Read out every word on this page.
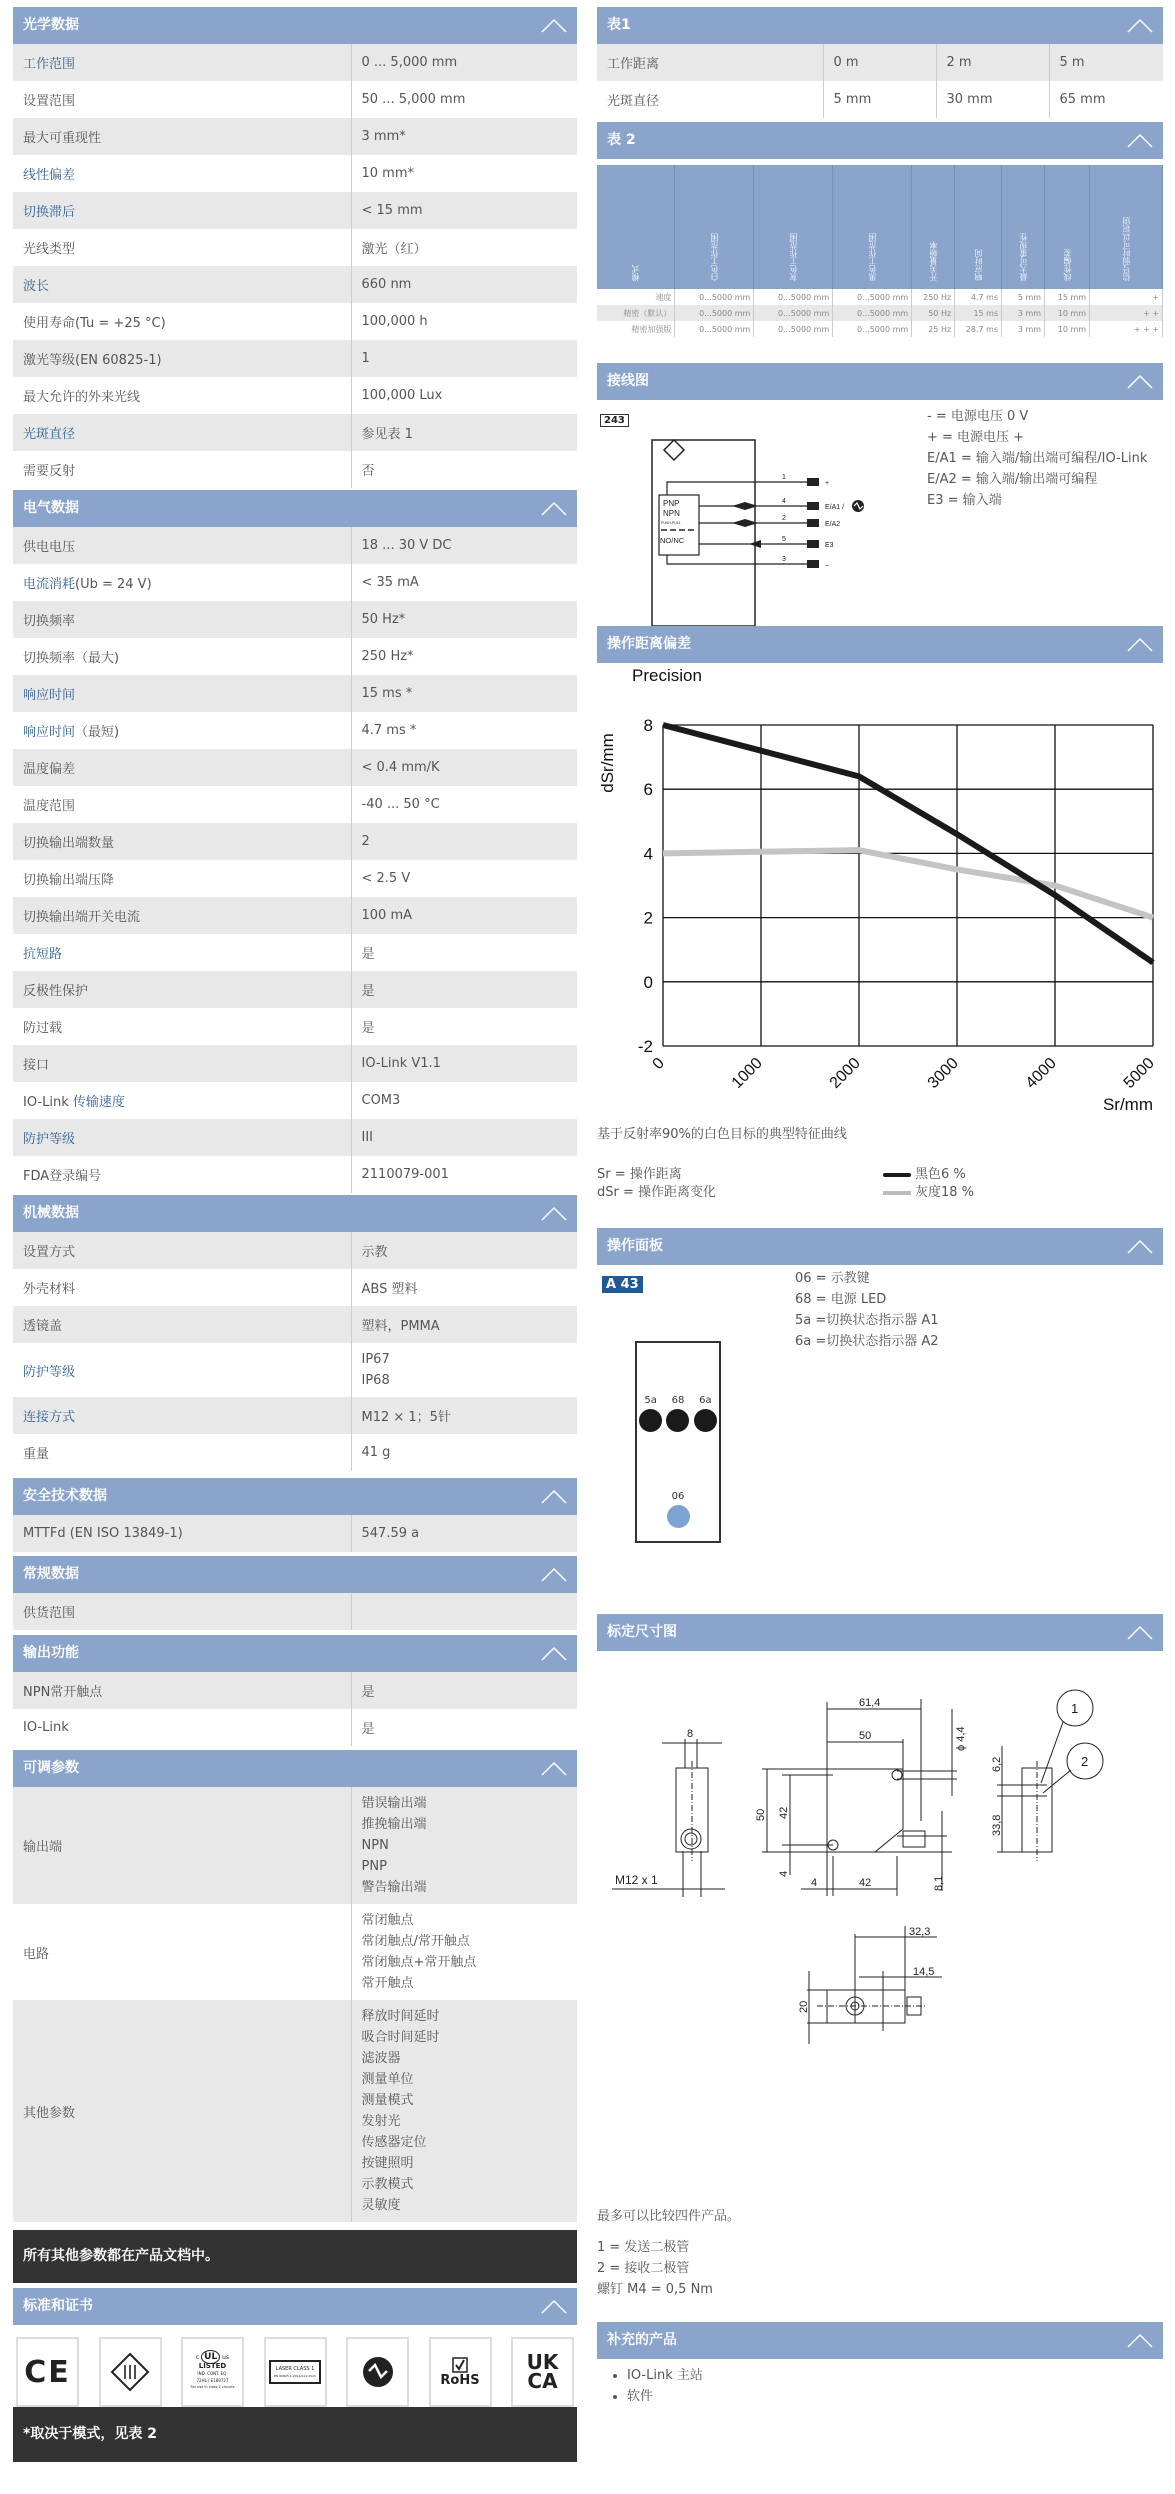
光学数据
工作范围	0 ... 5,000 mm
设置范围	50 ... 5,000 mm
最大可重现性	3 mm*
线性偏差	10 mm*
切换滞后	< 15 mm
光线类型	激光（红）
波长	660 nm
使用寿命(Tu = +25 °C)	100,000 h
激光等级(EN 60825-1)	1
最大允许的外来光线	100,000 Lux
光斑直径	参见表 1
需要反射	否
电气数据
供电电压	18 ... 30 V DC
电流消耗(Ub = 24 V)	< 35 mA
切换频率	50 Hz*
切换频率（最大)	250 Hz*
响应时间	15 ms *
响应时间（最短)	4.7 ms *
温度偏差	< 0.4 mm/K
温度范围	-40 ... 50 °C
切换输出端数量	2
切换输出端压降	< 2.5 V
切换输出端开关电流	100 mA
抗短路	是
反极性保护	是
防过载	是
接口	IO-Link V1.1
IO-Link 传输速度	COM3
防护等级	III
FDA登录编号	2110079-001
机械数据
设置方式	示教
外壳材料	ABS 塑料
透镜盖	塑料，PMMA
防护等级	IP67
IP68

连接方式	M12 × 1；5针
重量	41 g
安全技术数据
MTTFd (EN ISO 13849-1)	547.59 a
常规数据
供货范围	
输出功能
NPN常开触点	是
IO-Link	是
可调参数
输出端	错误输出端
推挽输出端
NPN
PNP
警告输出端

电路	常闭触点
常闭触点/常开触点
常闭触点+常开触点
常开触点

其他参数	
释放时间延时
吸合时间延时
滤波器
测量单位
测量模式
发射光
传感器定位
按键照明
示教模式
灵敏度
所有其他参数都在产品文档中。
标准和证书
CE	c UL us
LISTED
IND. CONT. EQ.
72HL / E189727
For use in class 2 circuits
LASER CLASS 1
EN 60825-1:2014/A11:2021	RoHS
UK
CA
*取决于模式，见表 2
表1
工作距离	0 m	2 m	5 m
光斑直径	5 mm	30 mm	65 mm
表 2
模式	白色工作范围	灰色工作范围	黑色工作范围	开关量频率	响应时间	最大可重现性	线性偏差	信号弱时可以识别
速度	0...5000 mm	0...5000 mm	0...5000 mm	250 Hz	4.7 ms	5 mm	15 mm	+
精密（默认）	0...5000 mm	0...5000 mm	0...5000 mm	50 Hz	15 ms	3 mm	10 mm	+ +
精密加强版	0...5000 mm	0...5000 mm	0...5000 mm	25 Hz	28.7 ms	3 mm	10 mm	+ + +
接线图
243
1
4
2
5
3
+
E/A1 /
E/A2
E3
–
PNP
NPN
PUSH-PULL
NO/NC
- = 电源电压 0 V
+ = 电源电压 +
E/A1 = 输入端/输出端可编程/IO-Link
E/A2 = 输入端/输出端可编程
E3 = 输入端
操作距离偏差
Precision
0	1000	2000	3000	4000	5000
-2
0
2
4
6
8
dSr/mm
Sr/mm
基于反射率90%的白色目标的典型特征曲线
Sr = 操作距离
dSr = 操作距离变化
黑色6 %
灰度18 %
操作面板
A 43	06 = 示教键
68 = 电源 LED
5a =切换状态指示器 A1
6a =切换状态指示器 A2
5a 68 6a
06
标定尺寸图
8
M12 x 1
61,4
50	ϕ 4,4
50 42
4
4	42	8,1
6,2
33,8
1
2
32,3
14,5
20
最多可以比较四件产品。
1 = 发送二极管
2 = 接收二极管
螺钉 M4 = 0,5 Nm
补充的产品
• IO-Link 主站
• 软件
